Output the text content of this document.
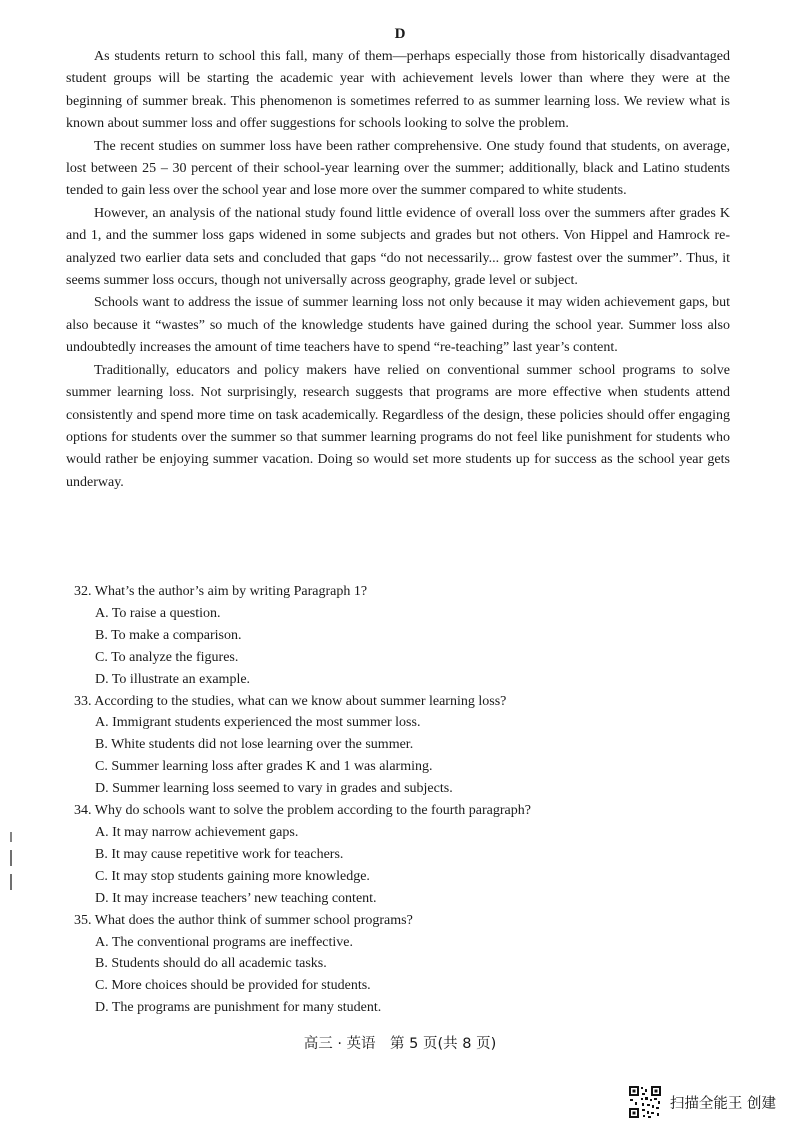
D

As students return to school this fall, many of them—perhaps especially those from historically disadvantaged student groups will be starting the academic year with achievement levels lower than where they were at the beginning of summer break. This phenomenon is sometimes referred to as summer learning loss. We review what is known about summer loss and offer suggestions for schools looking to solve the problem.

The recent studies on summer loss have been rather comprehensive. One study found that students, on average, lost between 25 – 30 percent of their school-year learning over the summer; additionally, black and Latino students tended to gain less over the school year and lose more over the summer compared to white students.

However, an analysis of the national study found little evidence of overall loss over the summers after grades K and 1, and the summer loss gaps widened in some subjects and grades but not others. Von Hippel and Hamrock re-analyzed two earlier data sets and concluded that gaps “do not necessarily... grow fastest over the summer”. Thus, it seems summer loss occurs, though not universally across geography, grade level or subject.

Schools want to address the issue of summer learning loss not only because it may widen achievement gaps, but also because it “wastes” so much of the knowledge students have gained during the school year. Summer loss also undoubtedly increases the amount of time teachers have to spend “re-teaching” last year’s content.

Traditionally, educators and policy makers have relied on conventional summer school programs to solve summer learning loss. Not surprisingly, research suggests that programs are more effective when students attend consistently and spend more time on task academically. Regardless of the design, these policies should offer engaging options for students over the summer so that summer learning programs do not feel like punishment for students who would rather be enjoying summer vacation. Doing so would set more students up for success as the school year gets underway.

32. What’s the author’s aim by writing Paragraph 1?
A. To raise a question.
B. To make a comparison.
C. To analyze the figures.
D. To illustrate an example.
33. According to the studies, what can we know about summer learning loss?
A. Immigrant students experienced the most summer loss.
B. White students did not lose learning over the summer.
C. Summer learning loss after grades K and 1 was alarming.
D. Summer learning loss seemed to vary in grades and subjects.
34. Why do schools want to solve the problem according to the fourth paragraph?
A. It may narrow achievement gaps.
B. It may cause repetitive work for teachers.
C. It may stop students gaining more knowledge.
D. It may increase teachers’ new teaching content.
35. What does the author think of summer school programs?
A. The conventional programs are ineffective.
B. Students should do all academic tasks.
C. More choices should be provided for students.
D. The programs are punishment for many student.
高三 · 英语　第 5 页(共 8 页)
扫描全能王 创建
